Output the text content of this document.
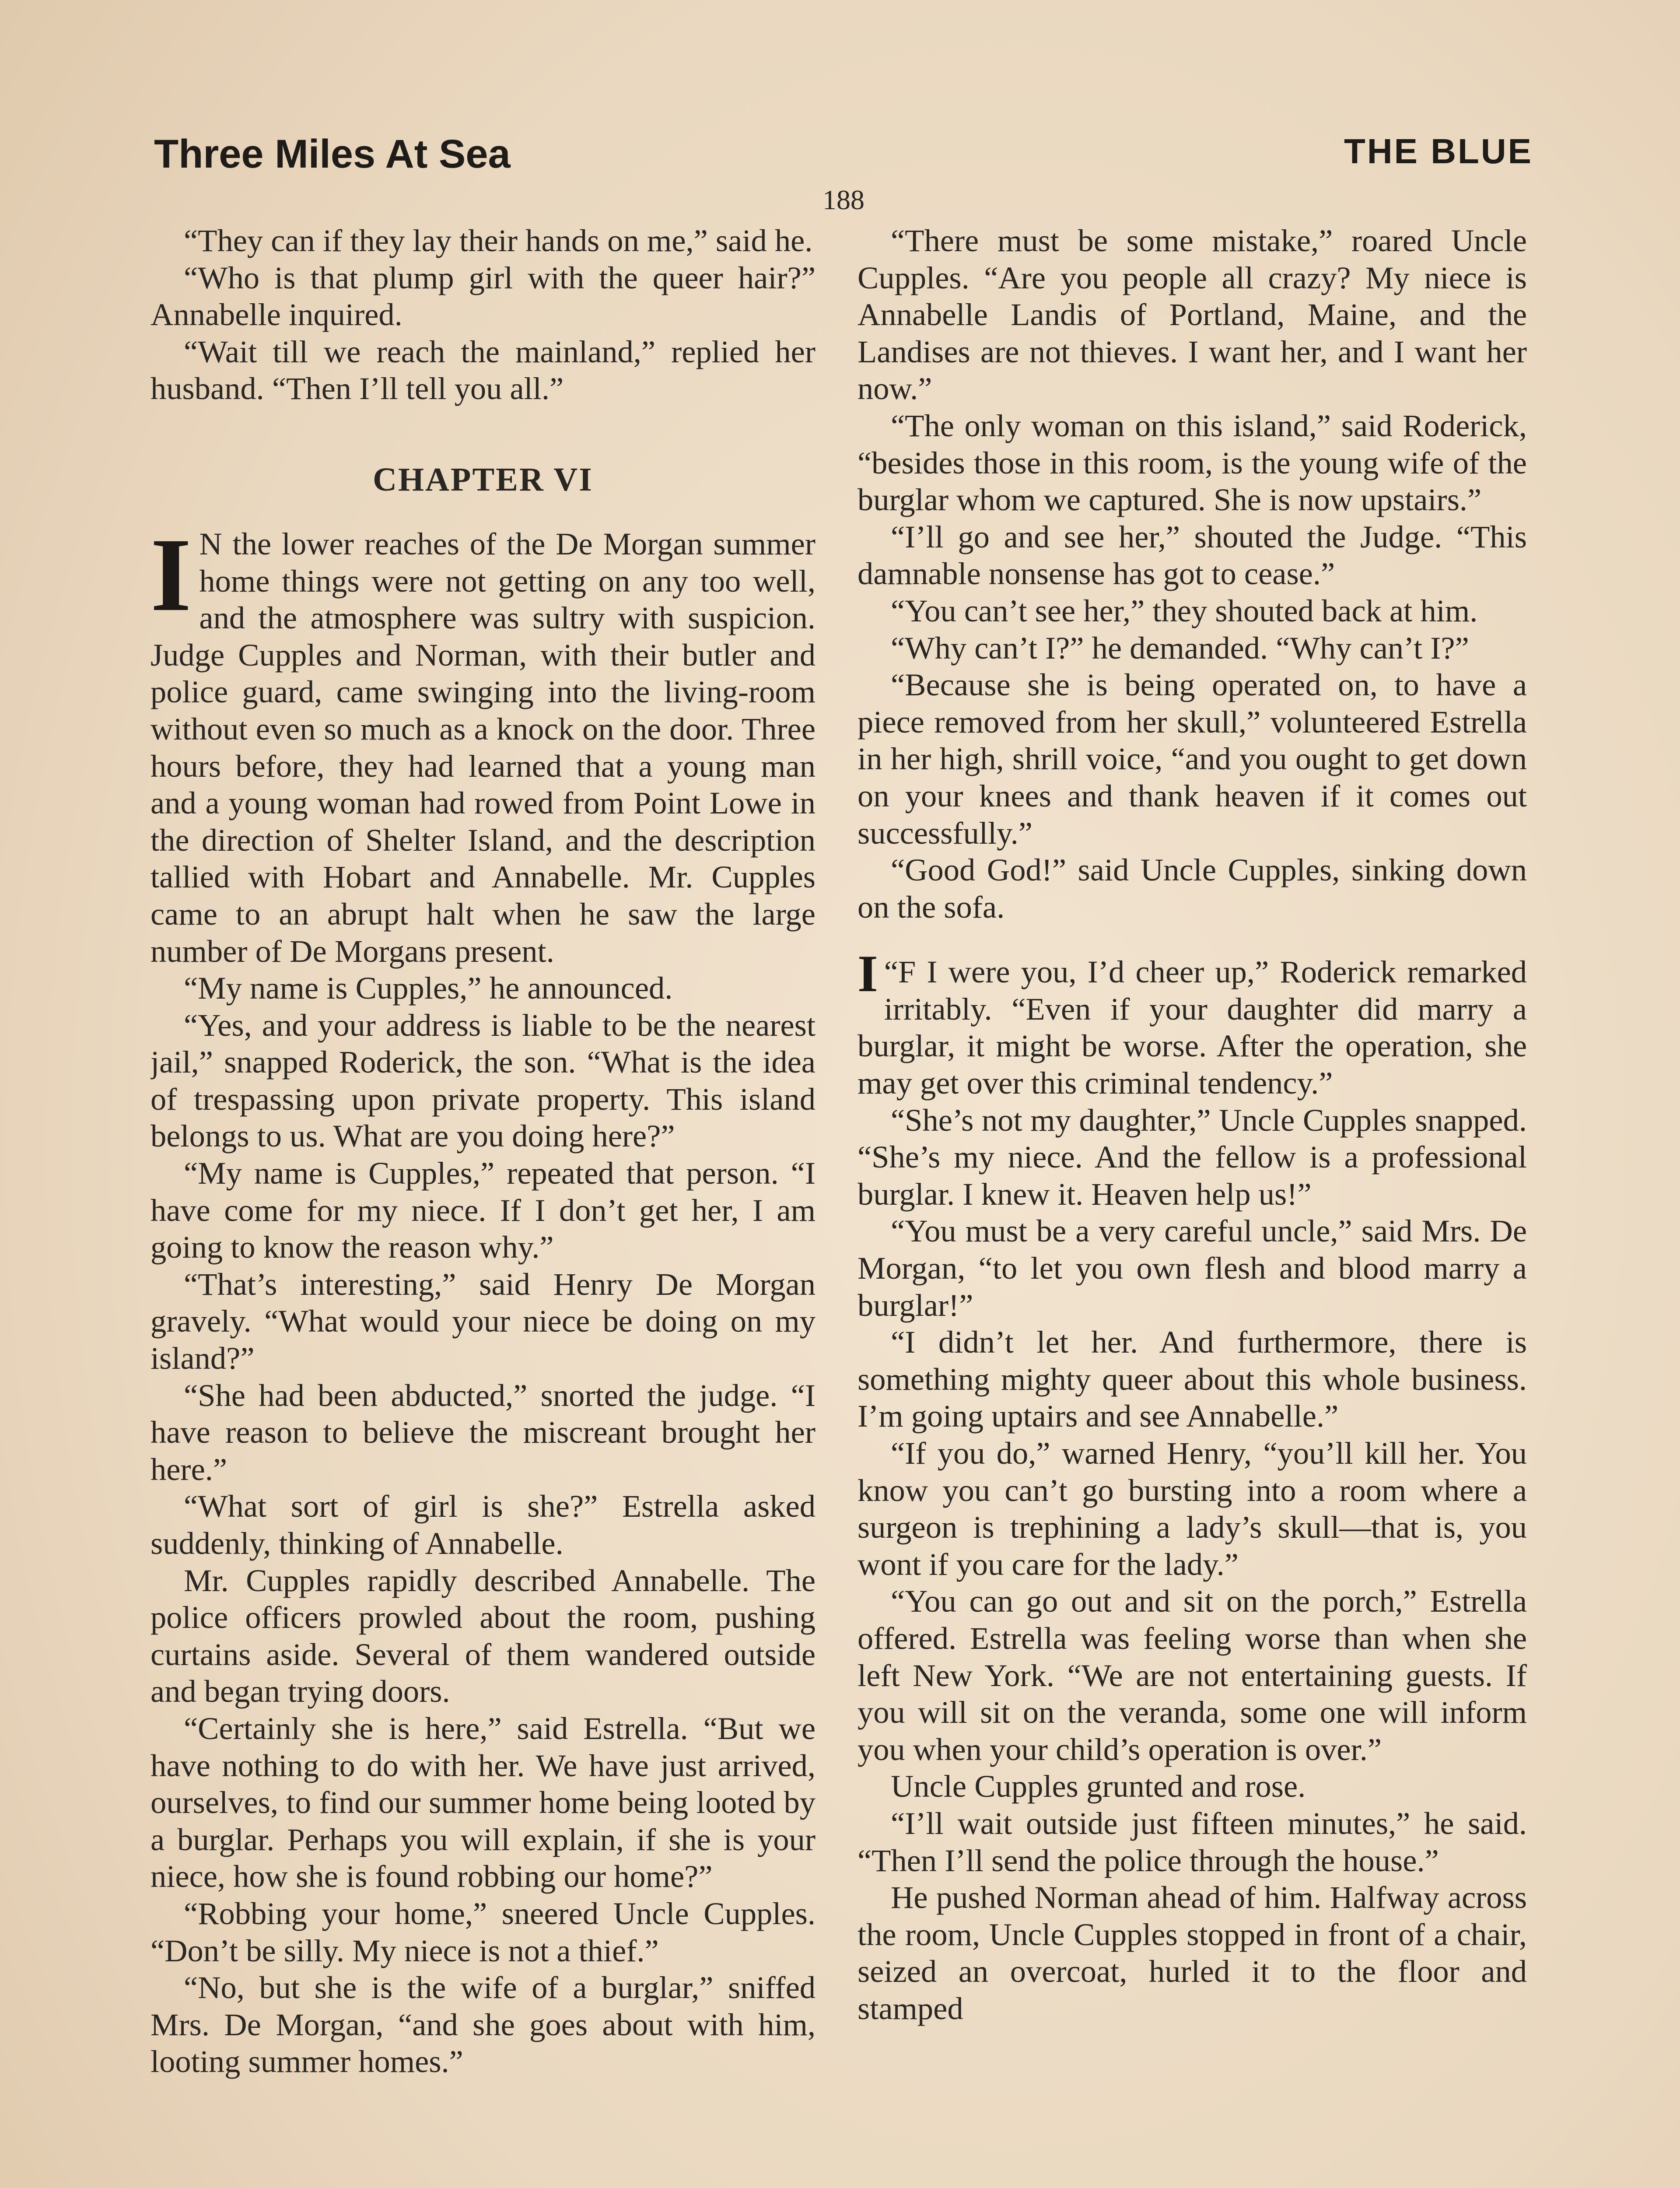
Three Miles At Sea	THE BLUE
188

“They can if they lay their hands on me,” said he.

“Who is that plump girl with the queer hair?” Annabelle inquired.

“Wait till we reach the mainland,” replied her husband. “Then I’ll tell you all.”

CHAPTER VI

I N the lower reaches of the De Morgan summer home things were not getting on any too well, and the atmosphere was sultry with suspicion. Judge Cupples and Norman, with their butler and police guard, came swinging into the living-room without even so much as a knock on the door. Three hours before, they had learned that a young man and a young woman had rowed from Point Lowe in the direction of Shelter Island, and the description tallied with Hobart and Annabelle. Mr. Cupples came to an abrupt halt when he saw the large number of De Morgans present.

“My name is Cupples,” he announced.

“Yes, and your address is liable to be the nearest jail,” snapped Roderick, the son. “What is the idea of trespassing upon private property. This island belongs to us. What are you doing here?”

“My name is Cupples,” repeated that person. “I have come for my niece. If I don’t get her, I am going to know the reason why.”

“That’s interesting,” said Henry De Morgan gravely. “What would your niece be doing on my island?”

“She had been abducted,” snorted the judge. “I have reason to believe the miscreant brought her here.”

“What sort of girl is she?” Estrella asked suddenly, thinking of Annabelle.

Mr. Cupples rapidly described Annabelle. The police officers prowled about the room, pushing curtains aside. Several of them wandered outside and began trying doors.

“Certainly she is here,” said Estrella. “But we have nothing to do with her. We have just arrived, ourselves, to find our summer home being looted by a burglar. Perhaps you will explain, if she is your niece, how she is found robbing our home?”

“Robbing your home,” sneered Uncle Cupples. “Don’t be silly. My niece is not a thief.”

“No, but she is the wife of a burglar,” sniffed Mrs. De Morgan, “and she goes about with him, looting summer homes.”

“There must be some mistake,” roared Uncle Cupples. “Are you people all crazy? My niece is Annabelle Landis of Portland, Maine, and the Landises are not thieves. I want her, and I want her now.”

“The only woman on this island,” said Roderick, “besides those in this room, is the young wife of the burglar whom we captured. She is now upstairs.”

“I’ll go and see her,” shouted the Judge. “This damnable nonsense has got to cease.”

“You can’t see her,” they shouted back at him.

“Why can’t I?” he demanded. “Why can’t I?”

“Because she is being operated on, to have a piece removed from her skull,” volunteered Estrella in her high, shrill voice, “and you ought to get down on your knees and thank heaven if it comes out successfully.”

“Good God!” said Uncle Cupples, sinking down on the sofa.

“
I F I were you, I’d cheer up,” Roderick remarked irritably. “Even if your daughter did marry a burglar, it might be worse. After the operation, she may get over this criminal tendency.”

“She’s not my daughter,” Uncle Cupples snapped. “She’s my niece. And the fellow is a professional burglar. I knew it. Heaven help us!”

“You must be a very careful uncle,” said Mrs. De Morgan, “to let you own flesh and blood marry a burglar!”

“I didn’t let her. And furthermore, there is something mighty queer about this whole business. I’m going uptairs and see Annabelle.”

“If you do,” warned Henry, “you’ll kill her. You know you can’t go bursting into a room where a surgeon is trephining a lady’s skull—that is, you wont if you care for the lady.”

“You can go out and sit on the porch,” Estrella offered. Estrella was feeling worse than when she left New York. “We are not entertaining guests. If you will sit on the veranda, some one will inform you when your child’s operation is over.”

Uncle Cupples grunted and rose.

“I’ll wait outside just fifteen minutes,” he said. “Then I’ll send the police through the house.”

He pushed Norman ahead of him. Halfway across the room, Uncle Cupples stopped in front of a chair, seized an overcoat, hurled it to the floor and stamped
